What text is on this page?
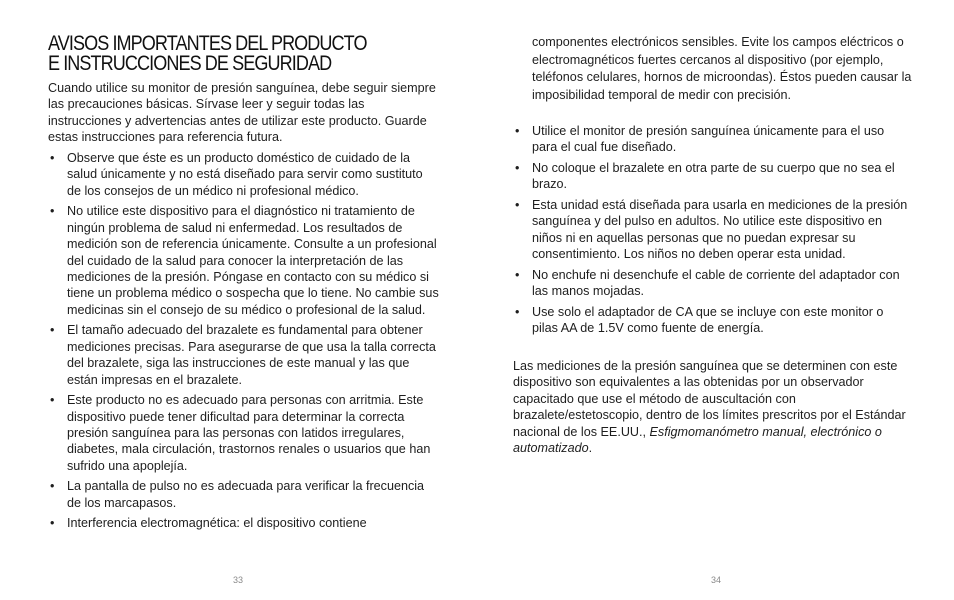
AVISOS IMPORTANTES DEL PRODUCTO
E INSTRUCCIONES DE SEGURIDAD

Cuando utilice su monitor de presión sanguínea, debe seguir siempre las precauciones básicas. Sírvase leer y seguir todas las instrucciones y advertencias antes de utilizar este producto. Guarde estas instrucciones para referencia futura.

• Observe que éste es un producto doméstico de cuidado de la salud únicamente y no está diseñado para servir como sustituto de los consejos de un médico ni profesional médico.
• No utilice este dispositivo para el diagnóstico ni tratamiento de ningún problema de salud ni enfermedad. Los resultados de medición son de referencia únicamente. Consulte a un profesional del cuidado de la salud para conocer la interpretación de las mediciones de la presión. Póngase en contacto con su médico si tiene un problema médico o sospecha que lo tiene. No cambie sus medicinas sin el consejo de su médico o profesional de la salud.
• El tamaño adecuado del brazalete es fundamental para obtener mediciones precisas. Para asegurarse de que usa la talla correcta del brazalete, siga las instrucciones de este manual y las que están impresas en el brazalete.
• Este producto no es adecuado para personas con arritmia. Este dispositivo puede tener dificultad para determinar la correcta presión sanguínea para las personas con latidos irregulares, diabetes, mala circulación, trastornos renales o usuarios que han sufrido una apoplejía.
• La pantalla de pulso no es adecuada para verificar la frecuencia de los marcapasos.
• Interferencia electromagnética: el dispositivo contiene
33

componentes electrónicos sensibles. Evite los campos eléctricos o electromagnéticos fuertes cercanos al dispositivo (por ejemplo, teléfonos celulares, hornos de microondas). Éstos pueden causar la imposibilidad temporal de medir con precisión.

• Utilice el monitor de presión sanguínea únicamente para el uso para el cual fue diseñado.
• No coloque el brazalete en otra parte de su cuerpo que no sea el brazo.
• Esta unidad está diseñada para usarla en mediciones de la presión sanguínea y del pulso en adultos. No utilice este dispositivo en niños ni en aquellas personas que no puedan expresar su consentimiento. Los niños no deben operar esta unidad.
• No enchufe ni desenchufe el cable de corriente del adaptador con las manos mojadas.
• Use solo el adaptador de CA que se incluye con este monitor o pilas AA de 1.5V como fuente de energía.

Las mediciones de la presión sanguínea que se determinen con este dispositivo son equivalentes a las obtenidas por un observador capacitado que use el método de auscultación con brazalete/estetoscopio, dentro de los límites prescritos por el Estándar nacional de los EE.UU., Esfigmomanómetro manual, electrónico o automatizado.

34
